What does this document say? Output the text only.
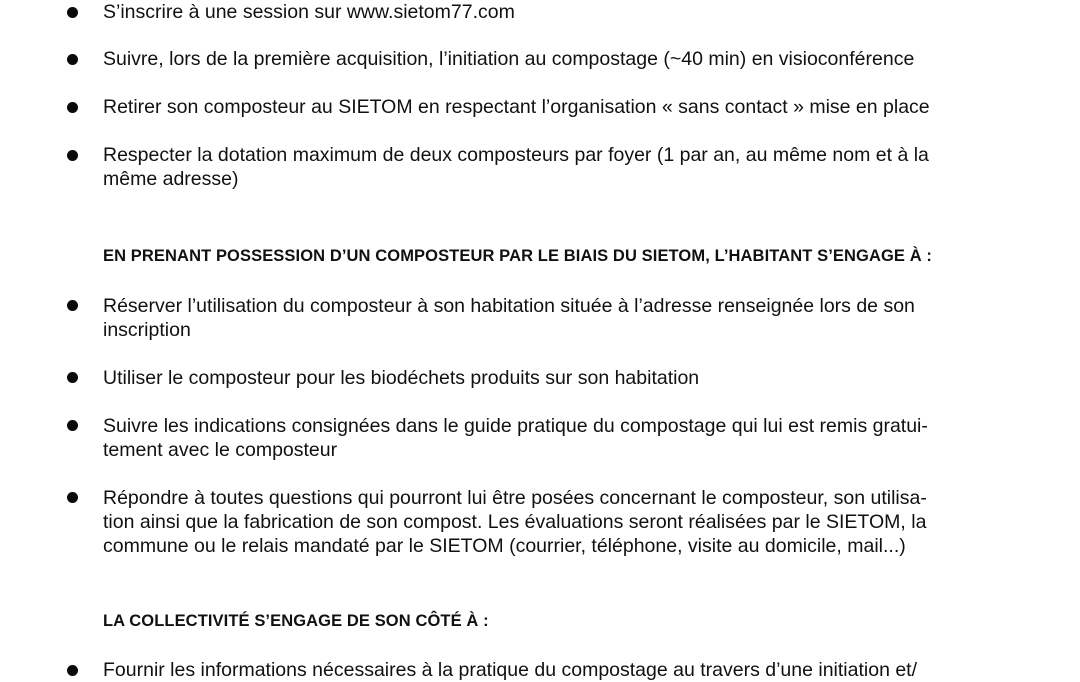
S’inscrire à une session sur www.sietom77.com
Suivre, lors de la première acquisition, l’initiation au compostage (~40 min) en visioconférence
Retirer son composteur au SIETOM en respectant l’organisation « sans contact » mise en place
Respecter la dotation maximum de deux composteurs par foyer (1 par an, au même nom et à la
même adresse)
EN PRENANT POSSESSION D’UN COMPOSTEUR PAR LE BIAIS DU SIETOM, L’HABITANT S’ENGAGE À :
Réserver l’utilisation du composteur à son habitation située à l’adresse renseignée lors de son
inscription
Utiliser le composteur pour les biodéchets produits sur son habitation
Suivre les indications consignées dans le guide pratique du compostage qui lui est remis gratui-
tement avec le composteur
Répondre à toutes questions qui pourront lui être posées concernant le composteur, son utilisa-
tion ainsi que la fabrication de son compost. Les évaluations seront réalisées par le SIETOM, la
commune ou le relais mandaté par le SIETOM (courrier, téléphone, visite au domicile, mail...)
LA COLLECTIVITÉ S’ENGAGE DE SON CÔTÉ À :
Fournir les informations nécessaires à la pratique du compostage au travers d’une initiation et/
